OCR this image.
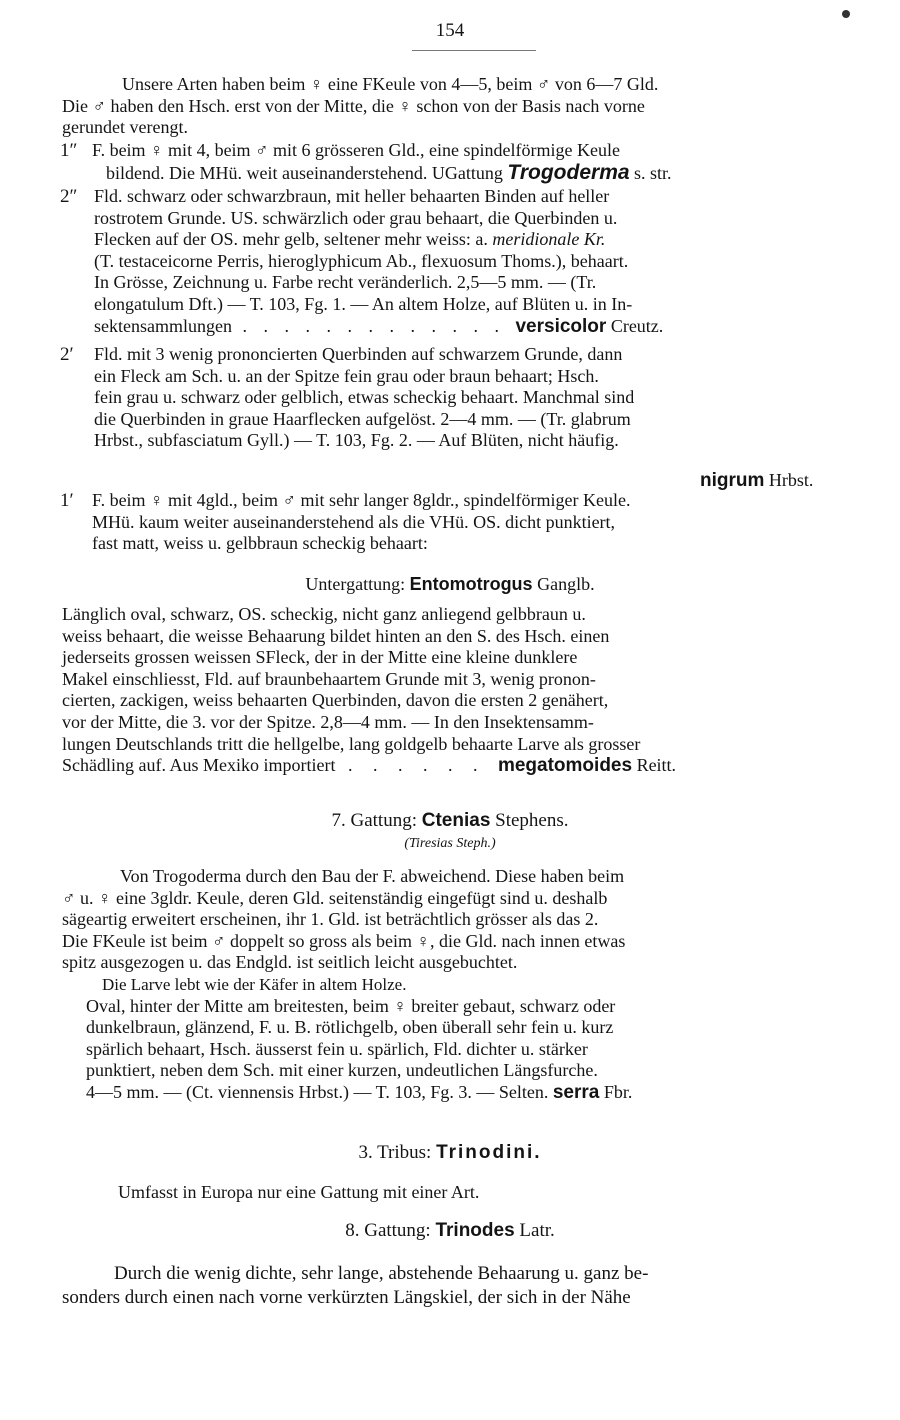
154
Unsere Arten haben beim ♀ eine FKeule von 4—5, beim ♂ von 6—7 Gld.
Die ♂ haben den Hsch. erst von der Mitte, die ♀ schon von der Basis nach vorne
gerundet verengt.
1″ F. beim ♀ mit 4, beim ♂ mit 6 grösseren Gld., eine spindelförmige Keule
bildend. Die MHü. weit auseinanderstehend. UGattung Trogoderma s. str.
2″ Fld. schwarz oder schwarzbraun, mit heller behaarten Binden auf heller
rostrotem Grunde. US. schwärzlich oder grau behaart, die Querbinden u.
Flecken auf der OS. mehr gelb, seltener mehr weiss: a. meridionale Kr.
(T. testaceicorne Perris, hieroglyphicum Ab., flexuosum Thoms.), behaart.
In Grösse, Zeichnung u. Farbe recht veränderlich. 2,5—5 mm. — (Tr.
elongatulum Dft.) — T. 103, Fg. 1. — An altem Holze, auf Blüten u. in In-
sektensammlungen . . . . . . . . . . . . . versicolor Creutz.
2′ Fld. mit 3 wenig prononcierten Querbinden auf schwarzem Grunde, dann
ein Fleck am Sch. u. an der Spitze fein grau oder braun behaart; Hsch.
fein grau u. schwarz oder gelblich, etwas scheckig behaart. Manchmal sind
die Querbinden in graue Haarflecken aufgelöst. 2—4 mm. — (Tr. glabrum
Hrbst., subfasciatum Gyll.) — T. 103, Fg. 2. — Auf Blüten, nicht häufig.
nigrum Hrbst.
1′ F. beim ♀ mit 4gld., beim ♂ mit sehr langer 8gldr., spindelförmiger Keule.
MHü. kaum weiter auseinanderstehend als die VHü. OS. dicht punktiert,
fast matt, weiss u. gelbbraun scheckig behaart:
Untergattung: Entomotrogus Ganglb.
Länglich oval, schwarz, OS. scheckig, nicht ganz anliegend gelbbraun u.
weiss behaart, die weisse Behaarung bildet hinten an den S. des Hsch. einen
jederseits grossen weissen SFleck, der in der Mitte eine kleine dunklere
Makel einschliesst, Fld. auf braunbehaartem Grunde mit 3, wenig pronon-
cierten, zackigen, weiss behaarten Querbinden, davon die ersten 2 genähert,
vor der Mitte, die 3. vor der Spitze. 2,8—4 mm. — In den Insektensamm-
lungen Deutschlands tritt die hellgelbe, lang goldgelb behaarte Larve als grosser
Schädling auf. Aus Mexiko importiert . . . . . . megatomoides Reitt.
7. Gattung: Ctenias Stephens.
(Tiresias Steph.)
Von Trogoderma durch den Bau der F. abweichend. Diese haben beim
♂ u. ♀ eine 3gldr. Keule, deren Gld. seitenständig eingefügt sind u. deshalb
sägeartig erweitert erscheinen, ihr 1. Gld. ist beträchtlich grösser als das 2.
Die FKeule ist beim ♂ doppelt so gross als beim ♀, die Gld. nach innen etwas
spitz ausgezogen u. das Endgld. ist seitlich leicht ausgebuchtet.
Die Larve lebt wie der Käfer in altem Holze.
Oval, hinter der Mitte am breitesten, beim ♀ breiter gebaut, schwarz oder
dunkelbraun, glänzend, F. u. B. rötlichgelb, oben überall sehr fein u. kurz
spärlich behaart, Hsch. äusserst fein u. spärlich, Fld. dichter u. stärker
punktiert, neben dem Sch. mit einer kurzen, undeutlichen Längsfurche.
4—5 mm. — (Ct. viennensis Hrbst.) — T. 103, Fg. 3. — Selten. serra Fbr.
3. Tribus: Trinodini.
Umfasst in Europa nur eine Gattung mit einer Art.
8. Gattung: Trinodes Latr.
Durch die wenig dichte, sehr lange, abstehende Behaarung u. ganz be-
sonders durch einen nach vorne verkürzten Längskiel, der sich in der Nähe
